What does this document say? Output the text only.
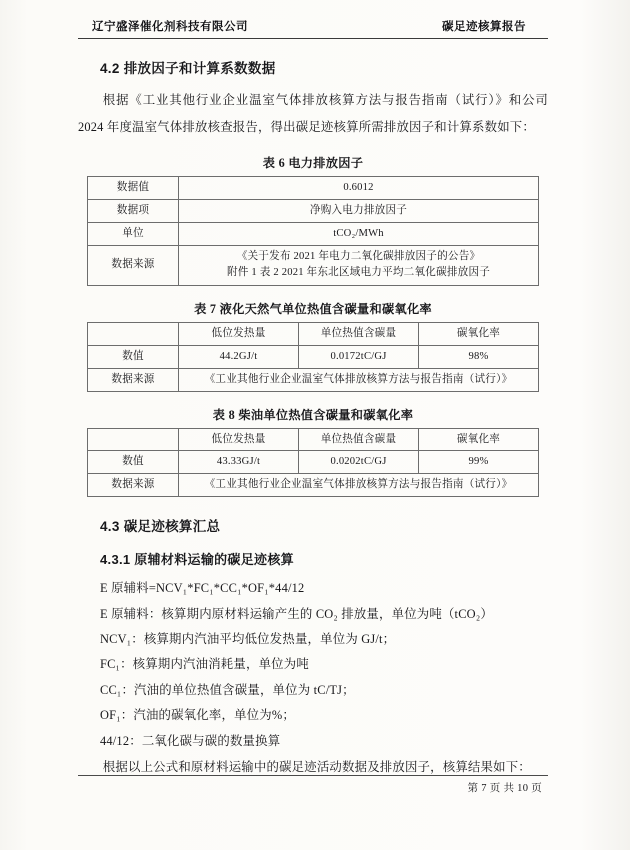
辽宁盛泽催化剂科技有限公司	碳足迹核算报告
4.2 排放因子和计算系数数据

根据《工业其他行业企业温室气体排放核算方法与报告指南（试行）》和公司 2024 年度温室气体排放核查报告，得出碳足迹核算所需排放因子和计算系数如下：

表 6 电力排放因子
数据值	0.6012
数据项	净购入电力排放因子
单位	tCO₂/MWh
数据来源	《关于发布 2021 年电力二氧化碳排放因子的公告》
附件 1 表 2 2021 年东北区域电力平均二氧化碳排放因子
表 7 液化天然气单位热值含碳量和碳氧化率
	低位发热量	单位热值含碳量	碳氧化率
数值	44.2GJ/t	0.0172tC/GJ	98%
数据来源	《工业其他行业企业温室气体排放核算方法与报告指南（试行）》		
表 8 柴油单位热值含碳量和碳氧化率
	低位发热量	单位热值含碳量	碳氧化率
数值	43.33GJ/t	0.0202tC/GJ	99%
数据来源	《工业其他行业企业温室气体排放核算方法与报告指南（试行）》		
4.3 碳足迹核算汇总
4.3.1 原辅材料运输的碳足迹核算

E 原辅料=NCV₁*FC₁*CC₁*OF₁*44/12

E 原辅料：核算期内原材料运输产生的 CO₂ 排放量，单位为吨（tCO₂）

NCV₁：核算期内汽油平均低位发热量，单位为 GJ/t；

FC₁：核算期内汽油消耗量，单位为吨

CC₁：汽油的单位热值含碳量，单位为 tC/TJ；

OF₁：汽油的碳氧化率，单位为%；

44/12：二氧化碳与碳的数量换算

根据以上公式和原材料运输中的碳足迹活动数据及排放因子，核算结果如下：

第 7 页 共 10 页
